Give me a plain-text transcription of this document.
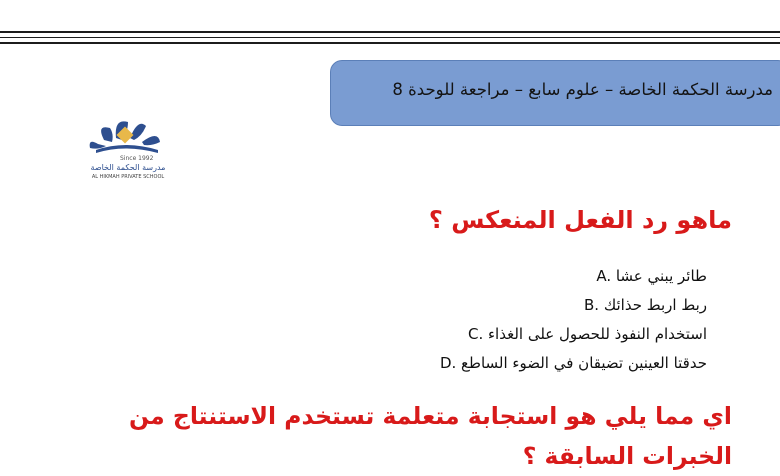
مدرسة الحكمة الخاصة – علوم سابع – مراجعة للوحدة 8
Since 1992
مدرسة الحكمة الخاصة
AL HIKMAH PRIVATE SCHOOL
ماهو رد الفعل المنعكس ؟
A. طائر يبني عشا
B. ربط اربط حذائك
C. استخدام النفوذ للحصول على الغذاء
D. حدقتا العينين تضيقان في الضوء الساطع
اي مما يلي هو استجابة متعلمة تستخدم الاستنتاج من الخبرات السابقة ؟
